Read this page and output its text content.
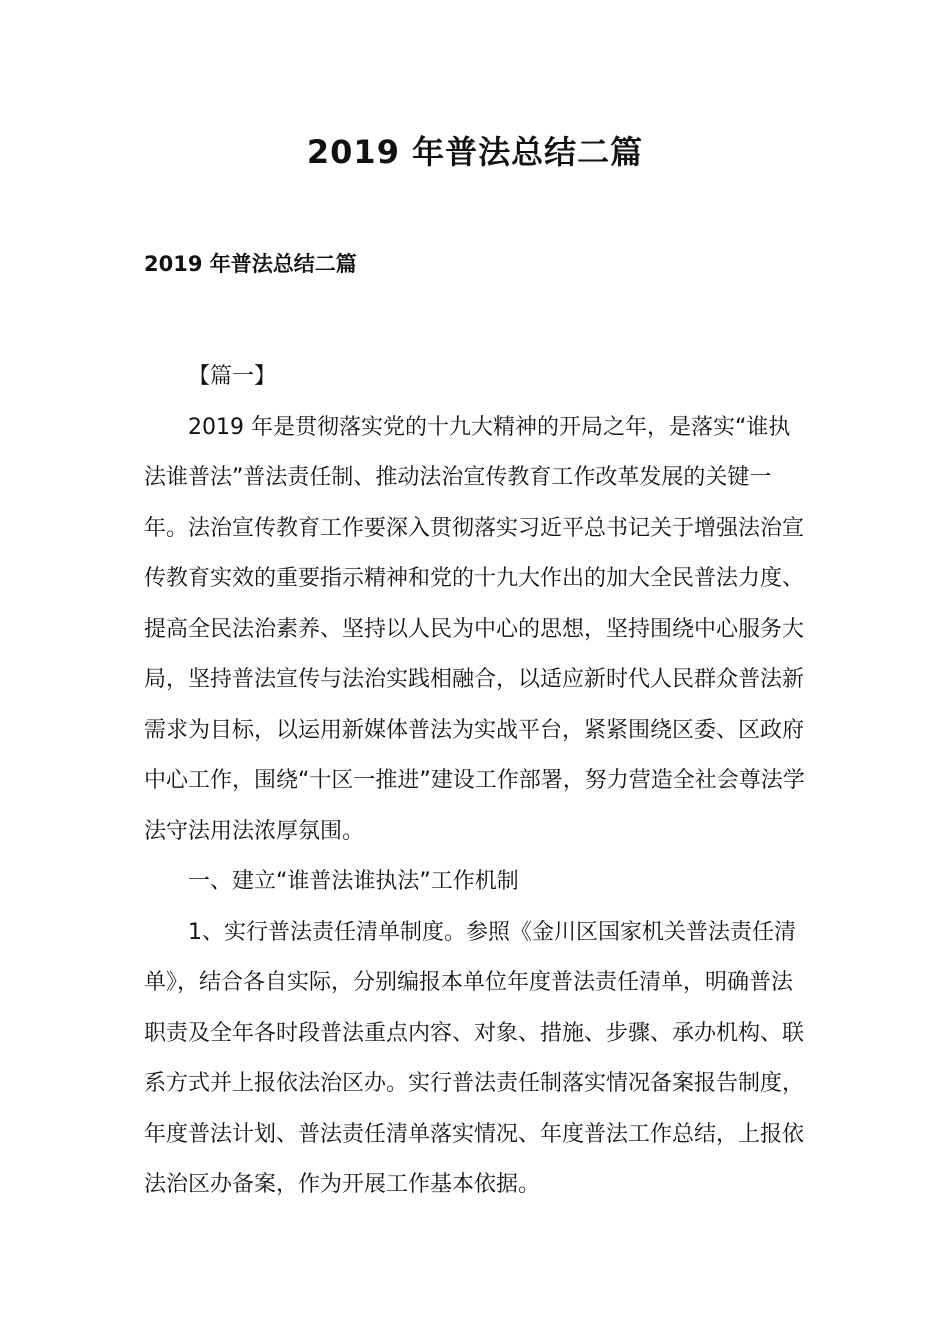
2019 年普法总结二篇
2019 年普法总结二篇

【篇一】

2019 年是贯彻落实党的十九大精神的开局之年，是落实“谁执法谁普法”普法责任制、推动法治宣传教育工作改革发展的关键一年。法治宣传教育工作要深入贯彻落实习近平总书记关于增强法治宣传教育实效的重要指示精神和党的十九大作出的加大全民普法力度、提高全民法治素养、坚持以人民为中心的思想，坚持围绕中心服务大局，坚持普法宣传与法治实践相融合，以适应新时代人民群众普法新需求为目标，以运用新媒体普法为实战平台，紧紧围绕区委、区政府中心工作，围绕“十区一推进”建设工作部署，努力营造全社会尊法学法守法用法浓厚氛围。

一、建立“谁普法谁执法”工作机制

1、实行普法责任清单制度。参照《金川区国家机关普法责任清单》，结合各自实际，分别编报本单位年度普法责任清单，明确普法职责及全年各时段普法重点内容、对象、措施、步骤、承办机构、联系方式并上报依法治区办。实行普法责任制落实情况备案报告制度，年度普法计划、普法责任清单落实情况、年度普法工作总结，上报依法治区办备案，作为开展工作基本依据。
